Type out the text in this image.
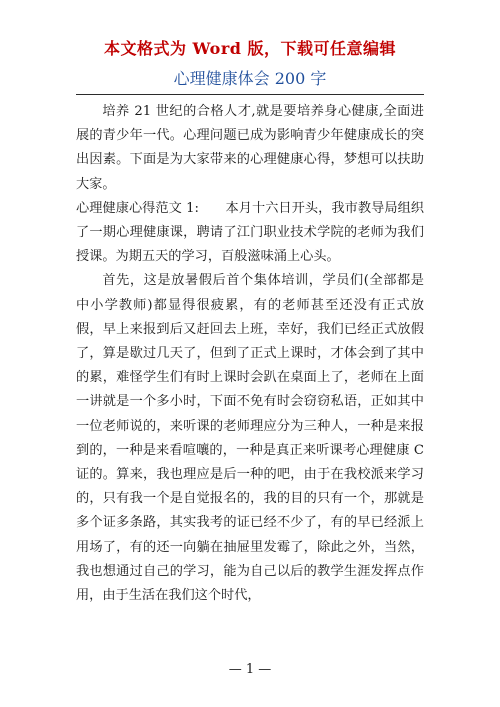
本文格式为 Word 版，下载可任意编辑
心理健康体会 200 字

培养 21 世纪的合格人才,就是要培养身心健康,全面进展的青少年一代。心理问题已成为影响青少年健康成长的突出因素。下面是为大家带来的心理健康心得，梦想可以扶助大家。

心理健康心得范文 1:　　本月十六日开头，我市教导局组织了一期心理健康课，聘请了江门职业技术学院的老师为我们授课。为期五天的学习，百般滋味涌上心头。

首先，这是放暑假后首个集体培训，学员们(全部都是中小学教师)都显得很疲累，有的老师甚至还没有正式放假，早上来报到后又赶回去上班，幸好，我们已经正式放假了，算是歇过几天了，但到了正式上课时，才体会到了其中的累，难怪学生们有时上课时会趴在桌面上了，老师在上面一讲就是一个多小时，下面不免有时会窃窃私语，正如其中一位老师说的，来听课的老师理应分为三种人，一种是来报到的，一种是来看喧嚷的，一种是真正来听课考心理健康 C 证的。算来，我也理应是后一种的吧，由于在我校派来学习的，只有我一个是自觉报名的，我的目的只有一个，那就是多个证多条路，其实我考的证已经不少了，有的早已经派上用场了，有的还一向躺在抽屉里发霉了，除此之外，当然，我也想通过自己的学习，能为自己以后的教学生涯发挥点作用，由于生活在我们这个时代，

— 1 —
